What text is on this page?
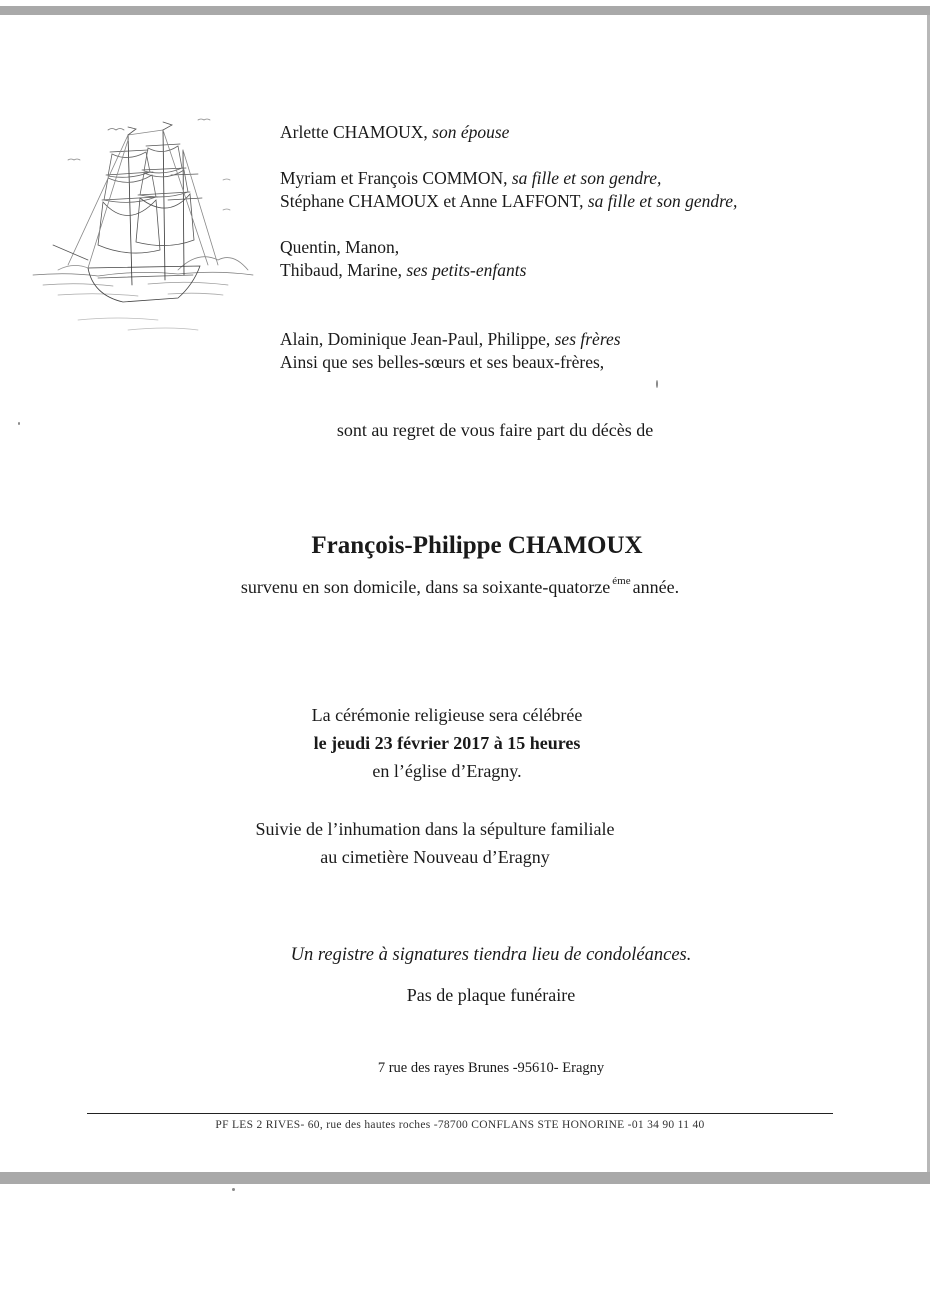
Arlette CHAMOUX, son épouse
Myriam et François COMMON, sa fille et son gendre,
Stéphane CHAMOUX et Anne LAFFONT, sa fille et son gendre,
Quentin, Manon,
Thibaud, Marine, ses petits-enfants
Alain, Dominique Jean-Paul, Philippe, ses frères
Ainsi que ses belles-sœurs et ses beaux-frères,
sont au regret de vous faire part du décès de
François-Philippe CHAMOUX
survenu en son domicile, dans sa soixante-quatorze $^{éme}$ année.
La cérémonie religieuse sera célébrée
le jeudi 23 février 2017 à 15 heures
en l’église d’Eragny.
Suivie de l’inhumation dans la sépulture familiale
au cimetière Nouveau d’Eragny
Un registre à signatures tiendra lieu de condoléances.
Pas de plaque funéraire
7 rue des rayes Brunes -95610- Eragny
PF LES 2 RIVES- 60, rue des hautes roches -78700 CONFLANS STE HONORINE -01 34 90 11 40
